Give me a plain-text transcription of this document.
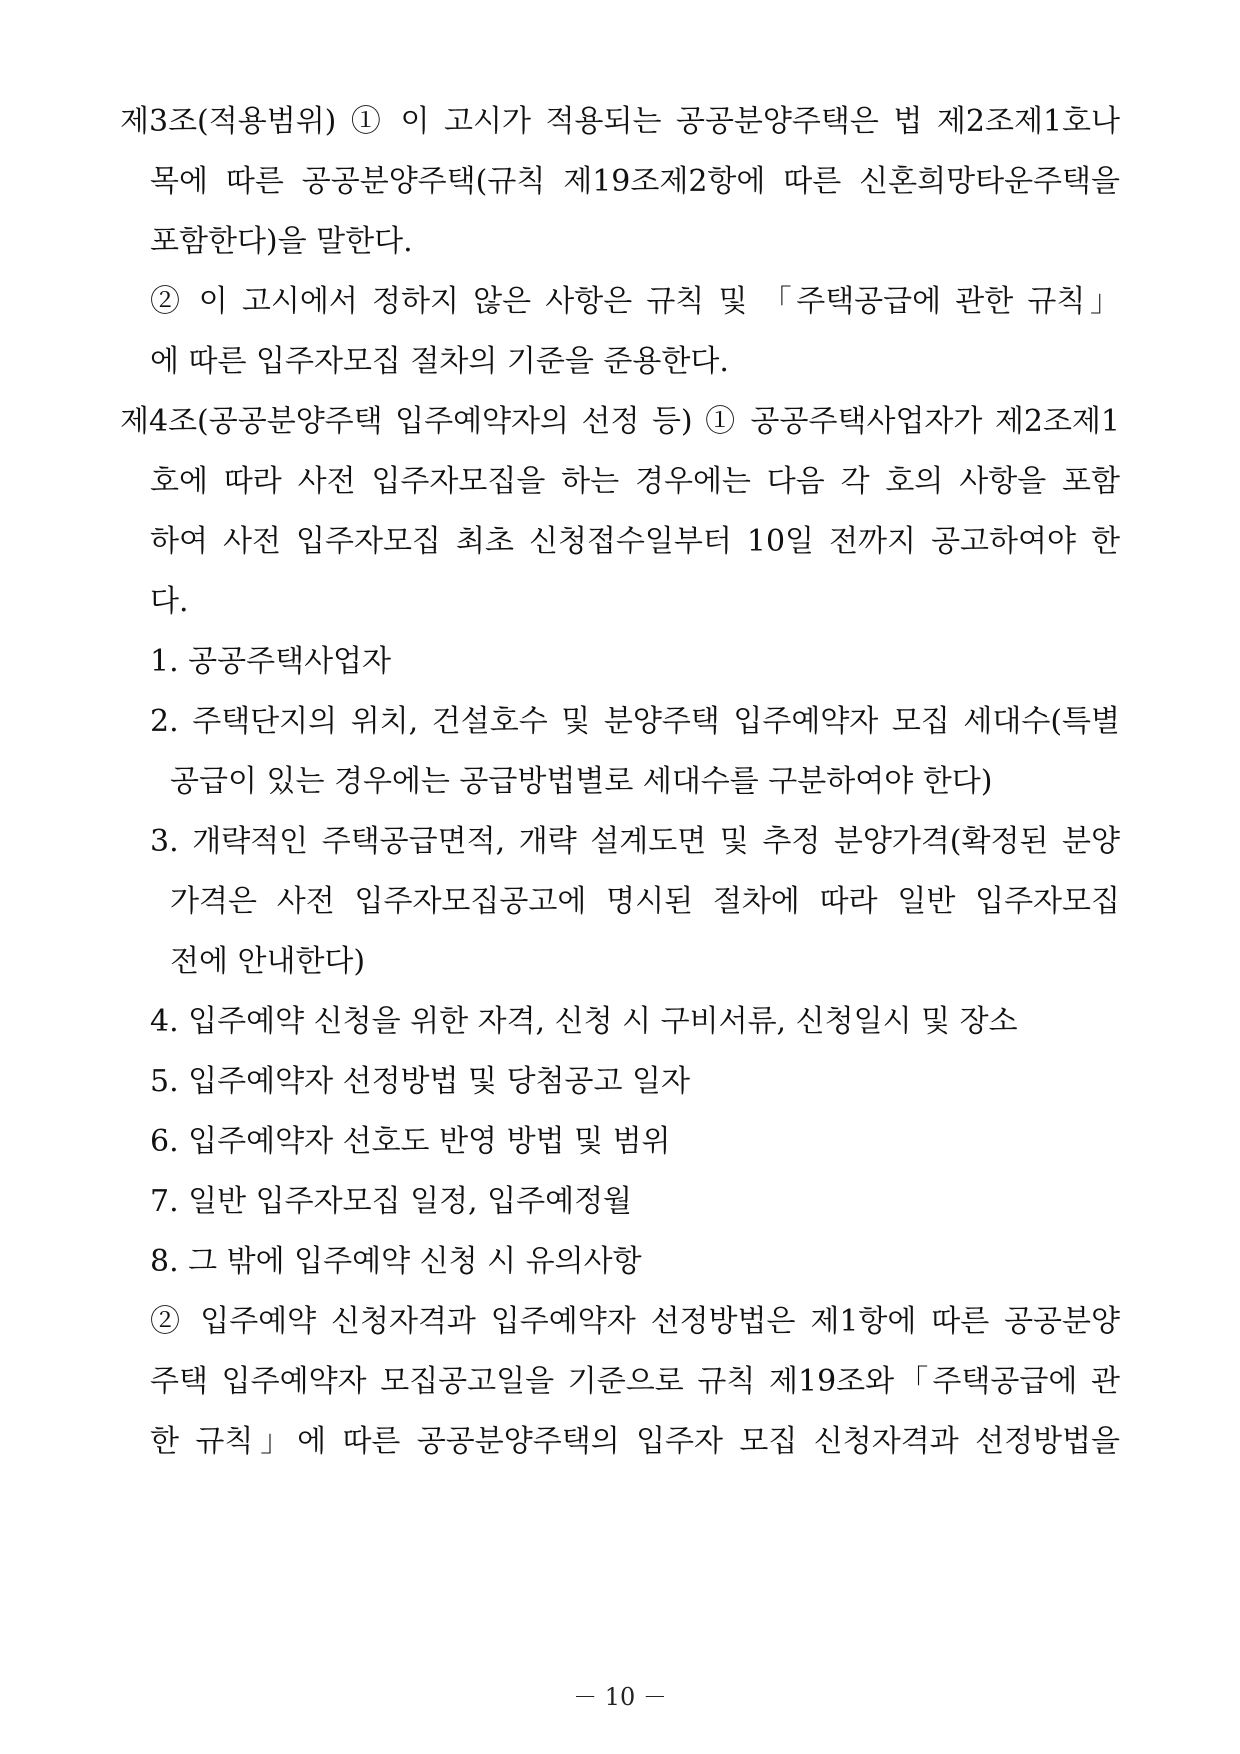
제3조(적용범위) ① 이 고시가 적용되는 공공분양주택은 법 제2조제1호나
목에 따른 공공분양주택(규칙 제19조제2항에 따른 신혼희망타운주택을
포함한다)을 말한다.
② 이 고시에서 정하지 않은 사항은 규칙 및 「주택공급에 관한 규칙」
에 따른 입주자모집 절차의 기준을 준용한다.
제4조(공공분양주택 입주예약자의 선정 등) ① 공공주택사업자가 제2조제1
호에 따라 사전 입주자모집을 하는 경우에는 다음 각 호의 사항을 포함
하여 사전 입주자모집 최초 신청접수일부터 10일 전까지 공고하여야 한
다.
1. 공공주택사업자
2. 주택단지의 위치, 건설호수 및 분양주택 입주예약자 모집 세대수(특별
공급이 있는 경우에는 공급방법별로 세대수를 구분하여야 한다)
3. 개략적인 주택공급면적, 개략 설계도면 및 추정 분양가격(확정된 분양
가격은 사전 입주자모집공고에 명시된 절차에 따라 일반 입주자모집
전에 안내한다)
4. 입주예약 신청을 위한 자격, 신청 시 구비서류, 신청일시 및 장소
5. 입주예약자 선정방법 및 당첨공고 일자
6. 입주예약자 선호도 반영 방법 및 범위
7. 일반 입주자모집 일정, 입주예정월
8. 그 밖에 입주예약 신청 시 유의사항
② 입주예약 신청자격과 입주예약자 선정방법은 제1항에 따른 공공분양
주택 입주예약자 모집공고일을 기준으로 규칙 제19조와「주택공급에 관
한 규칙」에 따른 공공분양주택의 입주자 모집 신청자격과 선정방법을
－ 10 －
